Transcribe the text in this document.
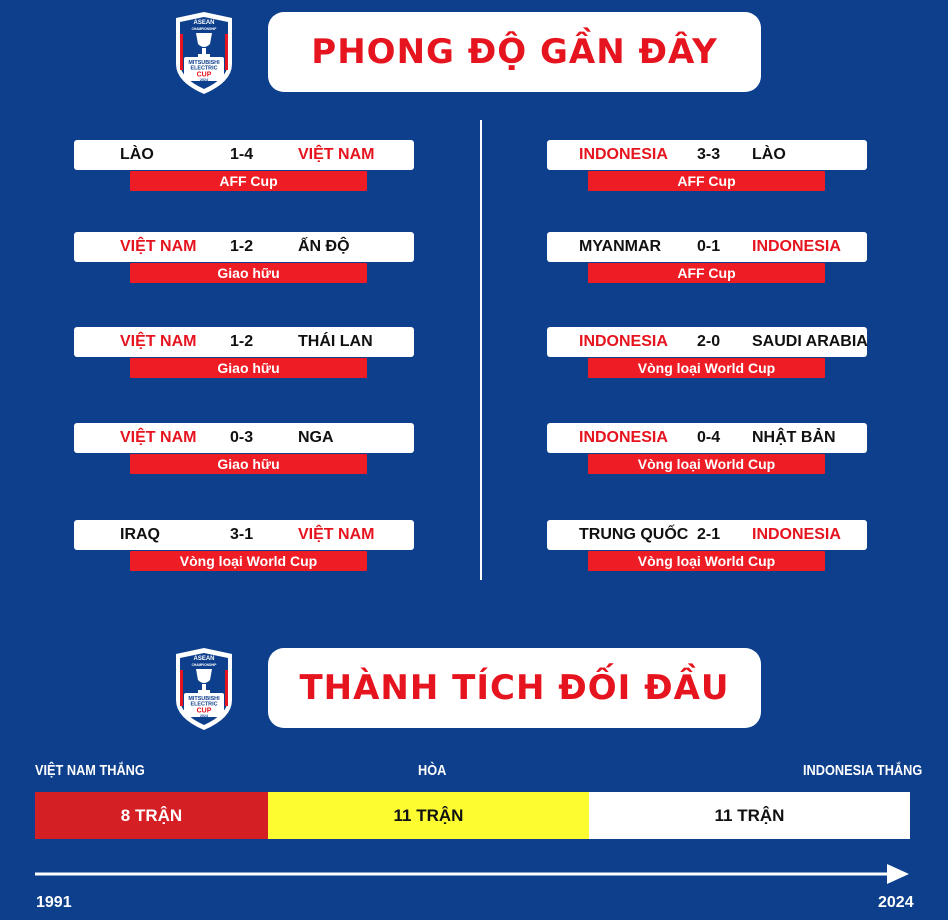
ASEAN
CHAMPIONSHIP
MITSUBISHI
ELECTRIC
CUP
2024
PHONG ĐỘ GẦN ĐÂY
LÀO	1-4	VIỆT NAM
AFF Cup
VIỆT NAM 1-2	ẤN ĐỘ
Giao hữu
VIỆT NAM 1-2	THÁI LAN
Giao hữu
VIỆT NAM 0-3	NGA
Giao hữu
IRAQ	3-1	VIỆT NAM
Vòng loại World Cup
INDONESIA 3-3 LÀO
AFF Cup
MYANMAR 0-1 INDONESIA
AFF Cup
INDONESIA 2-0 SAUDI ARABIA
Vòng loại World Cup
INDONESIA 0-4 NHẬT BẢN
Vòng loại World Cup
TRUNG QUỐC 2-1 INDONESIA
Vòng loại World Cup
ASEAN
CHAMPIONSHIP
MITSUBISHI
ELECTRIC
CUP
2024
THÀNH TÍCH ĐỐI ĐẦU
VIỆT NAM THẮNG	HÒA	INDONESIA THẮNG
8 TRẬN	11 TRẬN	11 TRẬN
1991	2024
